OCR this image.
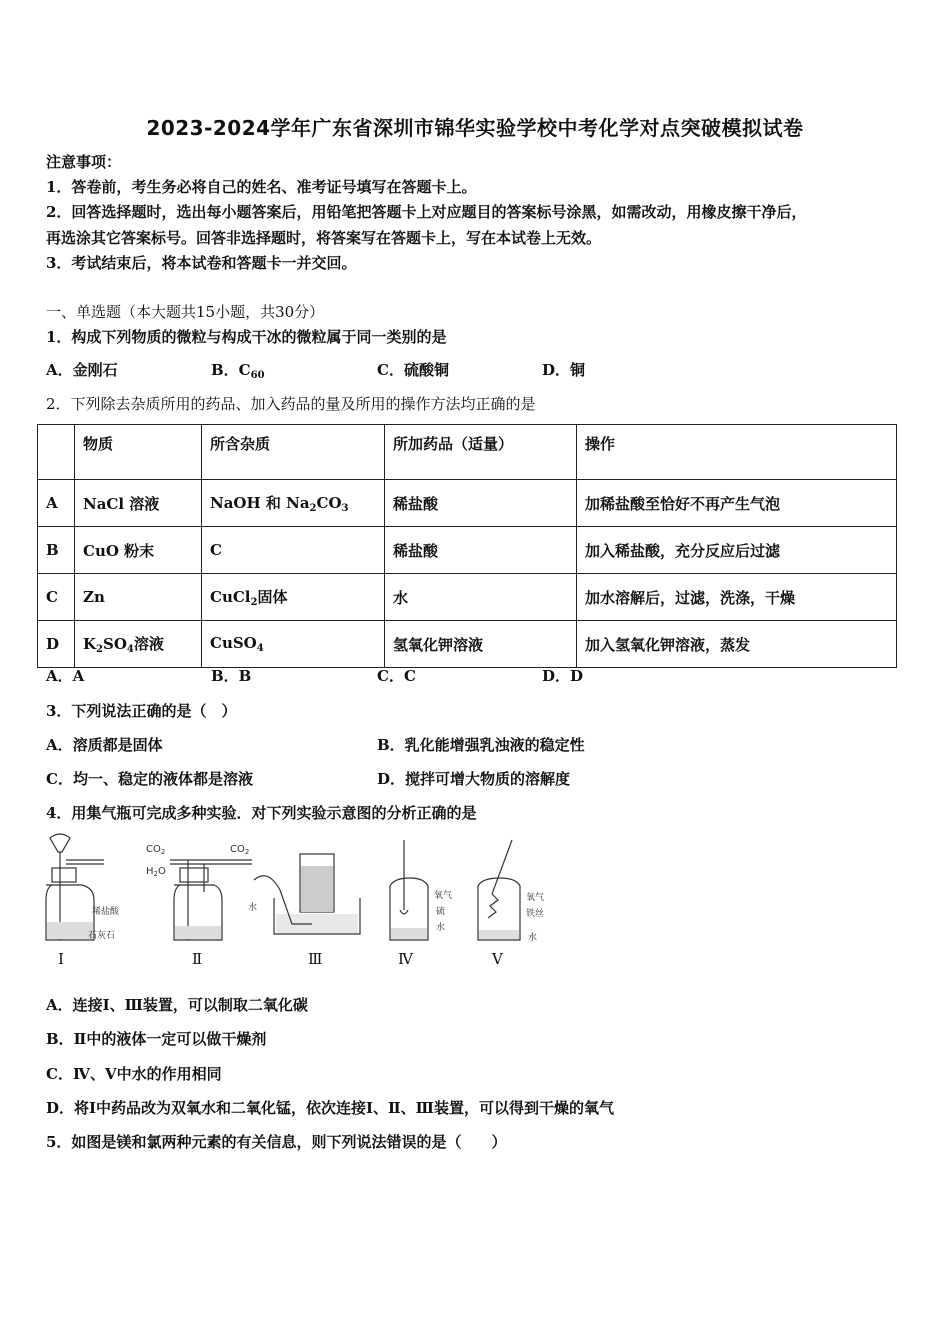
2023-2024学年广东省深圳市锦华实验学校中考化学对点突破模拟试卷
注意事项：
1．答卷前，考生务必将自己的姓名、准考证号填写在答题卡上。
2．回答选择题时，选出每小题答案后，用铅笔把答题卡上对应题目的答案标号涂黑，如需改动，用橡皮擦干净后，
再选涂其它答案标号。回答非选择题时，将答案写在答题卡上，写在本试卷上无效。
3．考试结束后，将本试卷和答题卡一并交回。
一、单选题（本大题共15小题，共30分）
1．构成下列物质的微粒与构成干冰的微粒属于同一类别的是
A．金刚石	B．$C_{60}$	C．硫酸铜	D．铜
2．下列除去杂质所用的药品、加入药品的量及所用的操作方法均正确的是
	物质	所含杂质	所加药品（适量）	操作
A	NaCl 溶液	NaOH 和 $Na_2CO_3$	稀盐酸	加稀盐酸至恰好不再产生气泡
B	CuO 粉末	C	稀盐酸	加入稀盐酸，充分反应后过滤
C	Zn	CuCl$_2$固体	水	加水溶解后，过滤，洗涤，干燥
D	$K_2SO_4$溶液	CuSO$_4$	氢氧化钾溶液	加入氢氧化钾溶液，蒸发
A．A	B．B	C．C	D．D
3．下列说法正确的是（　）
A．溶质都是固体	B．乳化能增强乳浊液的稳定性
C．均一、稳定的液体都是溶液	D．搅拌可增大物质的溶解度
4．用集气瓶可完成多种实验．对下列实验示意图的分析正确的是
稀盐酸
石灰石
$CO_2$
$H_2O$
$CO_2$
水
氧气
硫
水
氧气
铁丝
水
Ⅰ	Ⅱ	Ⅲ	Ⅳ	Ⅴ
A．连接Ⅰ、Ⅲ装置，可以制取二氧化碳
B．Ⅱ中的液体一定可以做干燥剂
C．Ⅳ、Ⅴ中水的作用相同
D．将Ⅰ中药品改为双氧水和二氧化锰，依次连接Ⅰ、Ⅱ、Ⅲ装置，可以得到干燥的氧气
5．如图是镁和氯两种元素的有关信息，则下列说法错误的是（　　）
